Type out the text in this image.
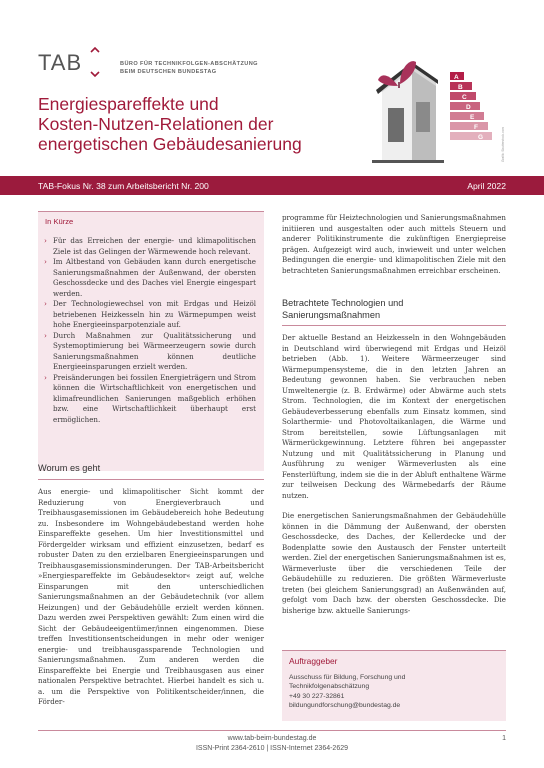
TAB	BÜRO FÜR TECHNIKFOLGEN-ABSCHÄTZUNG
BEIM DEUTSCHEN BUNDESTAG
Energiespareffekte und
Kosten-Nutzen-Relationen der
energetischen Gebäudesanierung
A
B
C
D
E
F
G	Grafik: Shutterstock.com
TAB-Fokus Nr. 38 zum Arbeitsbericht Nr. 200	April 2022
In Kürze
› Für das Erreichen der energie- und klimapolitischen Ziele ist das Gelingen der Wärmewende hoch relevant.
› Im Altbestand von Gebäuden kann durch energetische Sanierungsmaßnahmen der Außenwand, der obersten Geschossdecke und des Daches viel Energie eingespart werden.
› Der Technologiewechsel von mit Erdgas und Heizöl betriebenen Heizkesseln hin zu Wärmepumpen weist hohe Energieeinsparpotenziale auf.
› Durch Maßnahmen zur Qualitätssicherung und Systemoptimierung bei Wärmeerzeugern sowie durch Sanierungsmaßnahmen können deutliche Energieeinsparungen erzielt werden.
› Preisänderungen bei fossilen Energieträgern und Strom können die Wirtschaftlichkeit von energetischen und klimafreundlichen Sanierungen maßgeblich erhöhen bzw. eine Wirtschaftlichkeit überhaupt erst ermöglichen.
Worum es geht

Aus energie- und klimapolitischer Sicht kommt der Reduzierung von Energieverbrauch und Treibhausgasemissionen im Gebäudebereich hohe Bedeutung zu. Insbesondere im Wohngebäudebestand werden hohe Einspareffekte gesehen. Um hier Investitionsmittel und Fördergelder wirksam und effizient einzusetzen, bedarf es robuster Daten zu den erzielbaren Energieeinsparungen und Treibhausgasemissionsminderungen. Der TAB-Arbeitsbericht »Energiespareffekte im Gebäudesektor« zeigt auf, welche Einsparungen mit den unterschiedlichen Sanierungsmaßnahmen an der Gebäudetechnik (vor allem Heizungen) und der Gebäudehülle erzielt werden können. Dazu werden zwei Perspektiven gewählt: Zum einen wird die Sicht der Gebäudeeigentümer/innen eingenommen. Diese treffen Investitionsentscheidungen in mehr oder weniger energie- und treibhausgassparende Technologien und Sanierungsmaßnahmen. Zum anderen werden die Einspareffekte bei Energie und Treibhausgasen aus einer nationalen Perspektive betrachtet. Hierbei handelt es sich u. a. um die Perspektive von Politikentscheider/innen, die Förder-

programme für Heiztechnologien und Sanierungsmaßnahmen initiieren und ausgestalten oder auch mittels Steuern und anderer Politikinstrumente die zukünftigen Energiepreise prägen. Aufgezeigt wird auch, inwieweit und unter welchen Bedingungen die energie- und klimapolitischen Ziele mit den betrachteten Sanierungsmaßnahmen erreichbar erscheinen.

Betrachtete Technologien und
Sanierungsmaßnahmen

Der aktuelle Bestand an Heizkesseln in den Wohngebäuden in Deutschland wird überwiegend mit Erdgas und Heizöl betrieben (Abb. 1). Weitere Wärmeerzeuger sind Wärmepumpensysteme, die in den letzten Jahren an Bedeutung gewonnen haben. Sie verbrauchen neben Umweltenergie (z. B. Erdwärme) oder Abwärme auch stets Strom. Technologien, die im Kontext der energetischen Gebäudeverbesserung ebenfalls zum Einsatz kommen, sind Solarthermie- und Photovoltaikanlagen, die Wärme und Strom bereitstellen, sowie Lüftungsanlagen mit Wärmerückgewinnung. Letztere führen bei angepasster Nutzung und mit Qualitätssicherung in Planung und Ausführung zu weniger Wärmeverlusten als eine Fensterlüftung, indem sie die in der Abluft enthaltene Wärme zur teilweisen Deckung des Wärmebedarfs der Räume nutzen.

Die energetischen Sanierungsmaßnahmen der Gebäudehülle können in die Dämmung der Außenwand, der obersten Geschossdecke, des Daches, der Kellerdecke und der Bodenplatte sowie den Austausch der Fenster unterteilt werden. Ziel der energetischen Sanierungsmaßnahmen ist es, Wärmeverluste über die verschiedenen Teile der Gebäudehülle zu reduzieren. Die größten Wärmeverluste treten (bei gleichem Sanierungsgrad) an Außenwänden auf, gefolgt vom Dach bzw. der obersten Geschossdecke. Die bisherige bzw. aktuelle Sanierungs-

Auftraggeber
Ausschuss für Bildung, Forschung und
Technikfolgenabschätzung
+49 30 227-32861
bildungundforschung@bundestag.de
www.tab-beim-bundestag.de
ISSN-Print 2364-2610 | ISSN-Internet 2364-2629
1
